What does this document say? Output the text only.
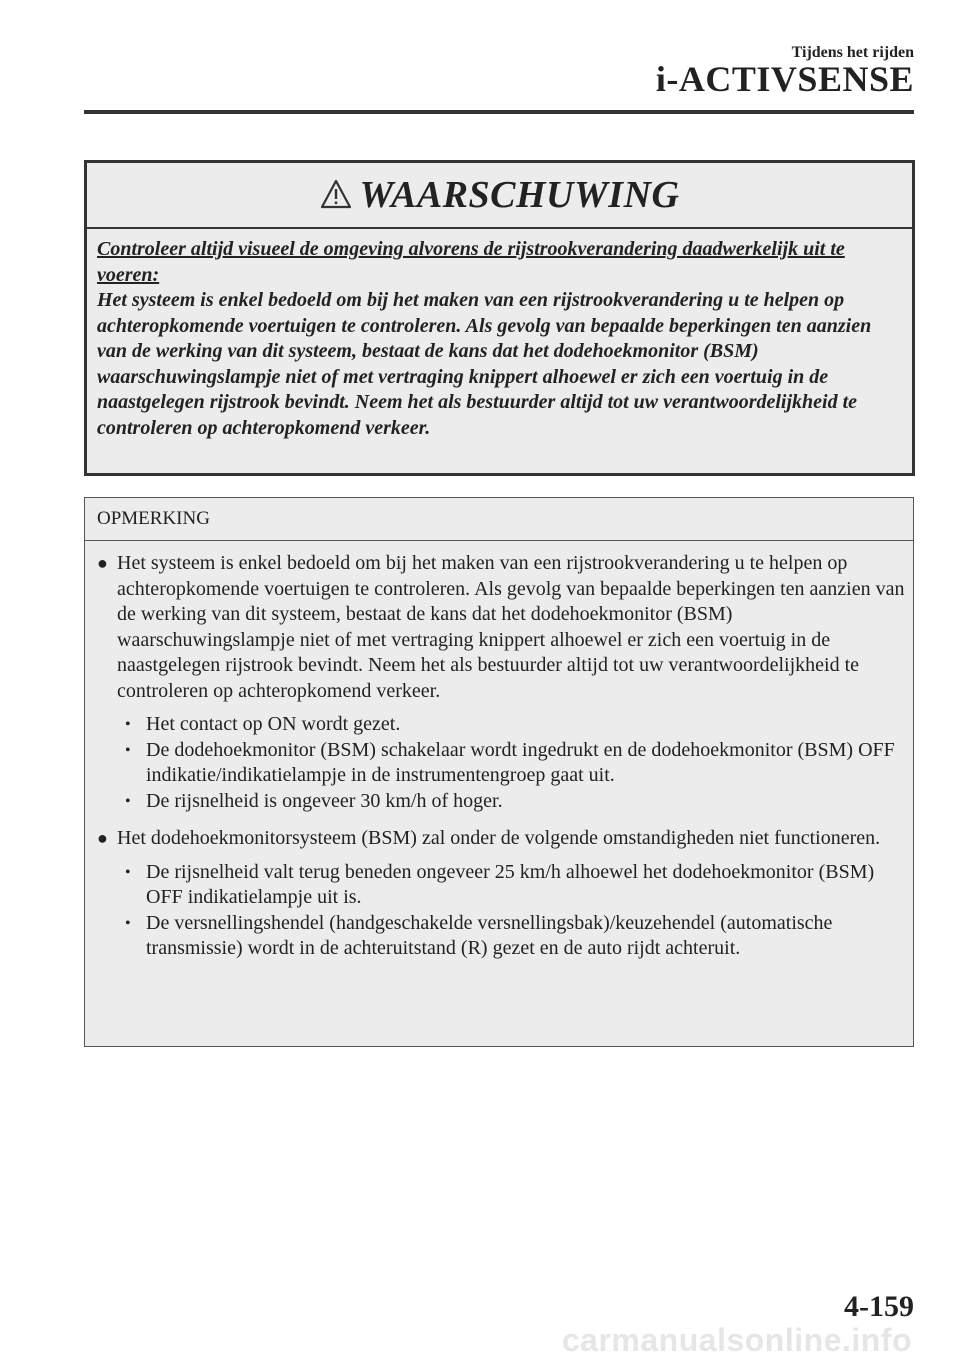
Tijdens het rijden
i-ACTIVSENSE
WAARSCHUWING
Controleer altijd visueel de omgeving alvorens de rijstrookverandering daadwerkelijk uit te voeren:
Het systeem is enkel bedoeld om bij het maken van een rijstrookverandering u te helpen op achteropkomende voertuigen te controleren. Als gevolg van bepaalde beperkingen ten aanzien van de werking van dit systeem, bestaat de kans dat het dodehoekmonitor (BSM) waarschuwingslampje niet of met vertraging knippert alhoewel er zich een voertuig in de naastgelegen rijstrook bevindt. Neem het als bestuurder altijd tot uw verantwoordelijkheid te controleren op achteropkomend verkeer.
OPMERKING
● Het systeem is enkel bedoeld om bij het maken van een rijstrookverandering u te helpen op achteropkomende voertuigen te controleren. Als gevolg van bepaalde beperkingen ten aanzien van de werking van dit systeem, bestaat de kans dat het dodehoekmonitor (BSM) waarschuwingslampje niet of met vertraging knippert alhoewel er zich een voertuig in de naastgelegen rijstrook bevindt. Neem het als bestuurder altijd tot uw verantwoordelijkheid te controleren op achteropkomend verkeer.
• Het contact op ON wordt gezet.
• De dodehoekmonitor (BSM) schakelaar wordt ingedrukt en de dodehoekmonitor (BSM) OFF indikatie/indikatielampje in de instrumentengroep gaat uit.
• De rijsnelheid is ongeveer 30 km/h of hoger.
● Het dodehoekmonitorsysteem (BSM) zal onder de volgende omstandigheden niet functioneren.
• De rijsnelheid valt terug beneden ongeveer 25 km/h alhoewel het dodehoekmonitor (BSM) OFF indikatielampje uit is.
• De versnellingshendel (handgeschakelde versnellingsbak)/keuzehendel (automatische transmissie) wordt in de achteruitstand (R) gezet en de auto rijdt achteruit.
4-159
carmanualsonline.info
